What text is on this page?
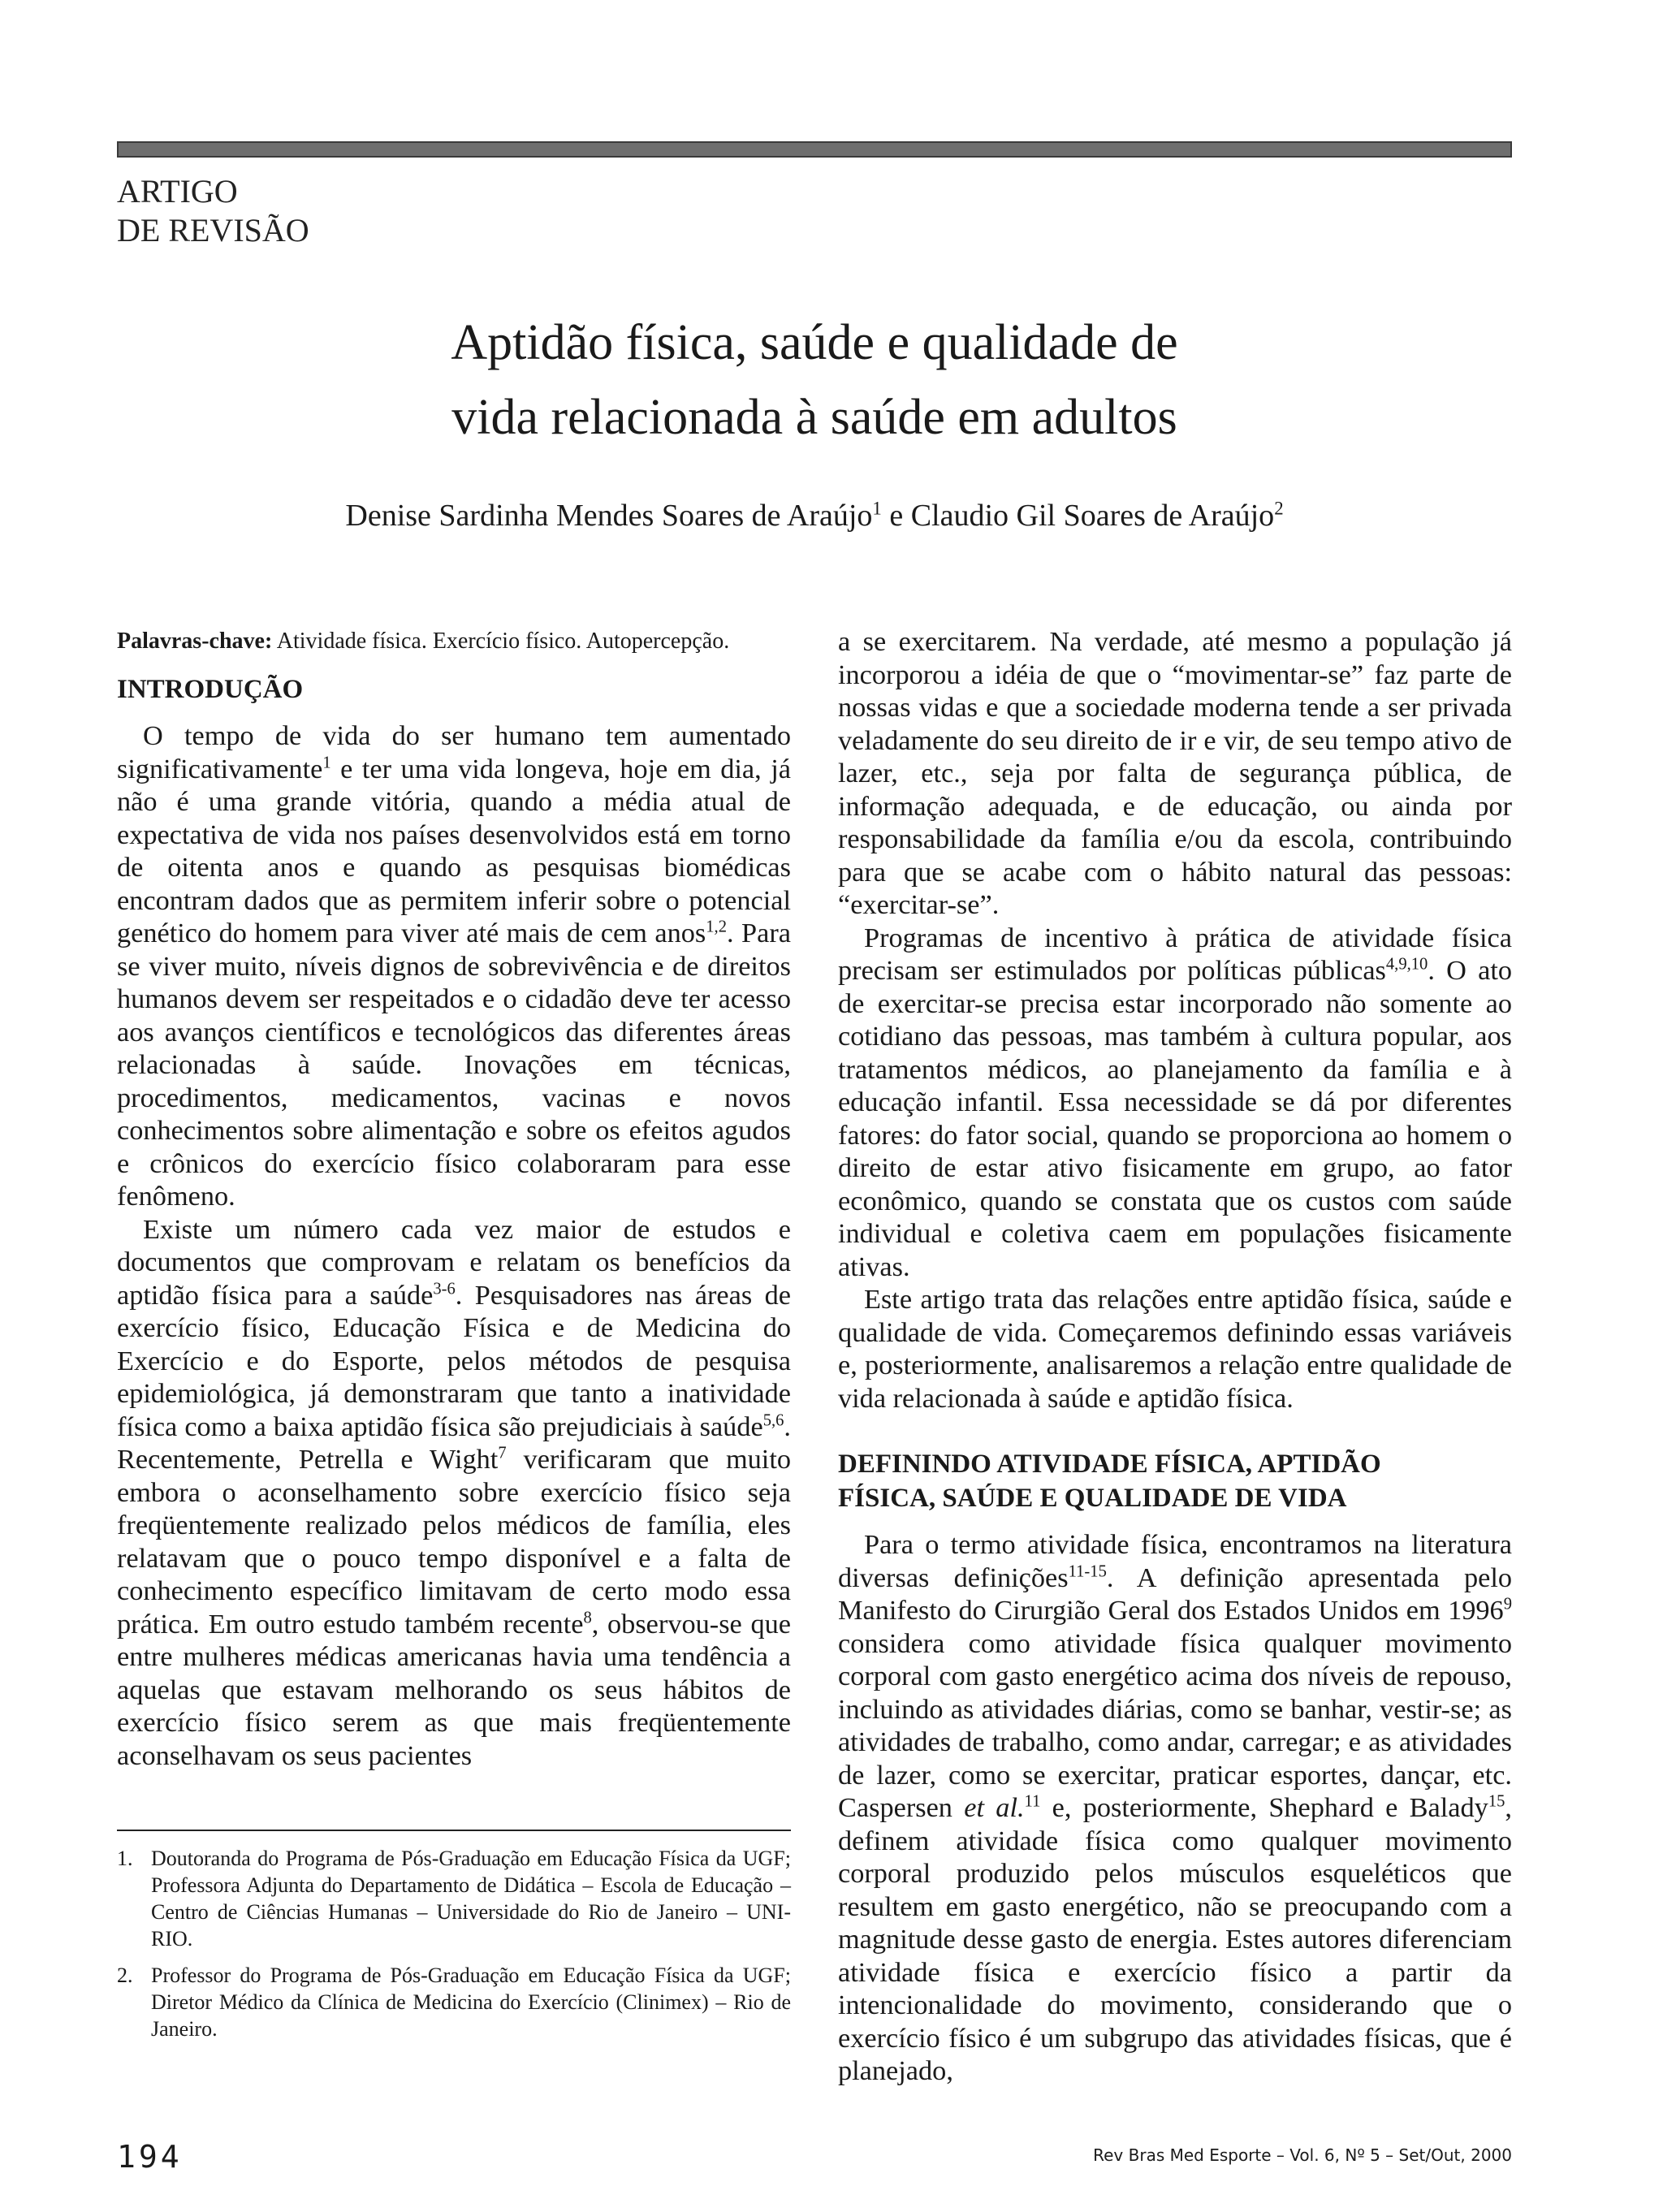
ARTIGO
DE REVISÃO
Aptidão física, saúde e qualidade de
vida relacionada à saúde em adultos
Denise Sardinha Mendes Soares de Araújo$^1$ e Claudio Gil Soares de Araújo$^2$
Palavras-chave: Atividade física. Exercício físico. Autopercepção.
INTRODUÇÃO

O tempo de vida do ser humano tem aumentado significativamente$^1$ e ter uma vida longeva, hoje em dia, já não é uma grande vitória, quando a média atual de expectativa de vida nos países desenvolvidos está em torno de oitenta anos e quando as pesquisas biomédicas encontram dados que as permitem inferir sobre o potencial genético do homem para viver até mais de cem anos$^{1,2}$. Para se viver muito, níveis dignos de sobrevivência e de direitos humanos devem ser respeitados e o cidadão deve ter acesso aos avanços científicos e tecnológicos das diferentes áreas relacionadas à saúde. Inovações em técnicas, procedimentos, medicamentos, vacinas e novos conhecimentos sobre alimentação e sobre os efeitos agudos e crônicos do exercício físico colaboraram para esse fenômeno.

Existe um número cada vez maior de estudos e documentos que comprovam e relatam os benefícios da aptidão física para a saúde$^{3-6}$. Pesquisadores nas áreas de exercício físico, Educação Física e de Medicina do Exercício e do Esporte, pelos métodos de pesquisa epidemiológica, já demonstraram que tanto a inatividade física como a baixa aptidão física são prejudiciais à saúde$^{5,6}$. Recentemente, Petrella e Wight$^7$ verificaram que muito embora o aconselhamento sobre exercício físico seja freqüentemente realizado pelos médicos de família, eles relatavam que o pouco tempo disponível e a falta de conhecimento específico limitavam de certo modo essa prática. Em outro estudo também recente$^8$, observou-se que entre mulheres médicas americanas havia uma tendência a aquelas que estavam melhorando os seus hábitos de exercício físico serem as que mais freqüentemente aconselhavam os seus pacientes

a se exercitarem. Na verdade, até mesmo a população já incorporou a idéia de que o “movimentar-se” faz parte de nossas vidas e que a sociedade moderna tende a ser privada veladamente do seu direito de ir e vir, de seu tempo ativo de lazer, etc., seja por falta de segurança pública, de informação adequada, e de educação, ou ainda por responsabilidade da família e/ou da escola, contribuindo para que se acabe com o hábito natural das pessoas: “exercitar-se”.

Programas de incentivo à prática de atividade física precisam ser estimulados por políticas públicas$^{4,9,10}$. O ato de exercitar-se precisa estar incorporado não somente ao cotidiano das pessoas, mas também à cultura popular, aos tratamentos médicos, ao planejamento da família e à educação infantil. Essa necessidade se dá por diferentes fatores: do fator social, quando se proporciona ao homem o direito de estar ativo fisicamente em grupo, ao fator econômico, quando se constata que os custos com saúde individual e coletiva caem em populações fisicamente ativas.

Este artigo trata das relações entre aptidão física, saúde e qualidade de vida. Começaremos definindo essas variáveis e, posteriormente, analisaremos a relação entre qualidade de vida relacionada à saúde e aptidão física.

DEFININDO ATIVIDADE FÍSICA, APTIDÃO
FÍSICA, SAÚDE E QUALIDADE DE VIDA

Para o termo atividade física, encontramos na literatura diversas definições$^{11-15}$. A definição apresentada pelo Manifesto do Cirurgião Geral dos Estados Unidos em 1996$^9$ considera como atividade física qualquer movimento corporal com gasto energético acima dos níveis de repouso, incluindo as atividades diárias, como se banhar, vestir-se; as atividades de trabalho, como andar, carregar; e as atividades de lazer, como se exercitar, praticar esportes, dançar, etc. Caspersen et al.$^{11}$ e, posteriormente, Shephard e Balady$^{15}$, definem atividade física como qualquer movimento corporal produzido pelos músculos esqueléticos que resultem em gasto energético, não se preocupando com a magnitude desse gasto de energia. Estes autores diferenciam atividade física e exercício físico a partir da intencionalidade do movimento, considerando que o exercício físico é um subgrupo das atividades físicas, que é planejado,

1. Doutoranda do Programa de Pós-Graduação em Educação Física da UGF; Professora Adjunta do Departamento de Didática – Escola de Educação – Centro de Ciências Humanas – Universidade do Rio de Janeiro – UNI-RIO.
2. Professor do Programa de Pós-Graduação em Educação Física da UGF; Diretor Médico da Clínica de Medicina do Exercício (Clinimex) – Rio de Janeiro.
194	Rev Bras Med Esporte – Vol. 6, Nº 5 – Set/Out, 2000
